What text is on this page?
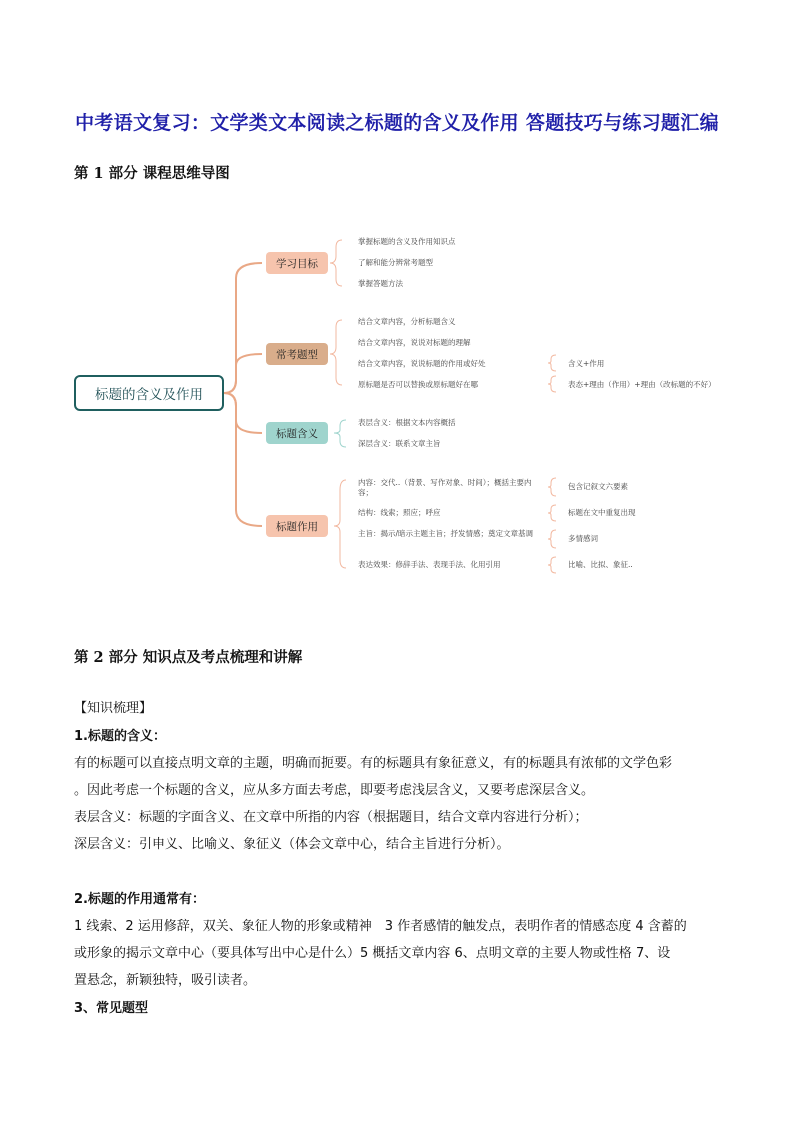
中考语文复习：文学类文本阅读之标题的含义及作用 答题技巧与练习题汇编
第 1 部分 课程思维导图
标题的含义及作用
学习目标
常考题型
标题含义
标题作用
掌握标题的含义及作用知识点
了解和能分辨常考题型
掌握答题方法
结合文章内容，分析标题含义
结合文章内容，说说对标题的理解
结合文章内容，说说标题的作用或好处
原标题是否可以替换或原标题好在哪
含义+作用
表态+理由（作用）+理由（改标题的不好）
表层含义：根据文本内容概括
深层含义：联系文章主旨
内容：交代..（背景、写作对象、时间）；概括主要内容；
结构：线索；照应；呼应
主旨：揭示/暗示主题主旨；抒发情感；奠定文章基调
表达效果：修辞手法、表现手法、化用引用
包含记叙文六要素
标题在文中重复出现
多情感词
比喻、比拟、象征..
第 2 部分 知识点及考点梳理和讲解
【知识梳理】
1.标题的含义：
有的标题可以直接点明文章的主题，明确而扼要。有的标题具有象征意义，有的标题具有浓郁的文学色彩
。因此考虑一个标题的含义，应从多方面去考虑，即要考虑浅层含义，又要考虑深层含义。
表层含义：标题的字面含义、在文章中所指的内容（根据题目，结合文章内容进行分析）；
深层含义：引申义、比喻义、象征义（体会文章中心，结合主旨进行分析）。
2.标题的作用通常有：
1 线索、2 运用修辞，双关、象征人物的形象或精神　3 作者感情的触发点，表明作者的情感态度 4 含蓄的
或形象的揭示文章中心（要具体写出中心是什么）5 概括文章内容 6、点明文章的主要人物或性格 7、设
置悬念，新颖独特，吸引读者。
3、常见题型
